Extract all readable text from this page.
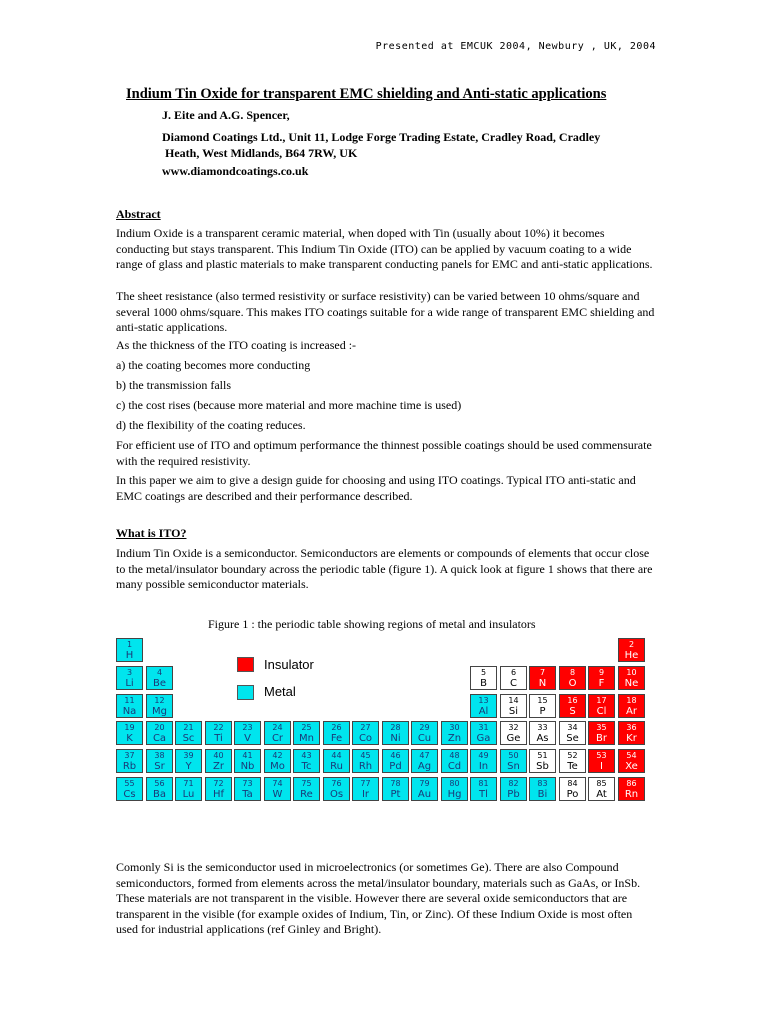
Presented at EMCUK 2004, Newbury , UK, 2004
Indium Tin Oxide for transparent EMC shielding and Anti-static applications
J. Eite and A.G. Spencer,
Diamond Coatings Ltd., Unit 11, Lodge Forge Trading Estate, Cradley Road, Cradley
Heath, West Midlands, B64 7RW, UK
www.diamondcoatings.co.uk
Abstract
Indium Oxide is a transparent ceramic material, when doped with Tin (usually about 10%) it becomes conducting but stays transparent. This Indium Tin Oxide (ITO) can be applied by vacuum coating to a wide range of glass and plastic materials to make transparent conducting panels for EMC and anti-static applications.
The sheet resistance (also termed resistivity or surface resistivity) can be varied between 10 ohms/square and several 1000 ohms/square. This makes ITO coatings suitable for a wide range of transparent EMC shielding and anti-static applications.
As the thickness of the ITO coating is increased :-
a) the coating becomes more conducting
b) the transmission falls
c) the cost rises (because more material and more machine time is used)
d) the flexibility of the coating reduces.
For efficient use of ITO and optimum performance the thinnest possible coatings should be used commensurate with the required resistivity.
In this paper we aim to give a design guide for choosing and using ITO coatings. Typical ITO anti-static and EMC coatings are described and their performance described.
What is ITO?
Indium Tin Oxide is a semiconductor. Semiconductors are elements or compounds of elements that occur close to the metal/insulator boundary across the periodic table (figure 1). A quick look at figure 1 shows that there are many possible semiconductor materials.
Figure 1 : the periodic table showing regions of metal and insulators
Insulator
Metal
1
H
2
He
3
Li
4
Be
5
B
6
C
7
N
8
O
9
F
10
Ne
11
Na
12
Mg
13
Al
14
Si
15
P
16
S
17
Cl
18
Ar
19
K
20
Ca
21
Sc
22
Ti
23
V
24
Cr
25
Mn
26
Fe
27
Co
28
Ni
29
Cu
30
Zn
31
Ga
32
Ge
33
As
34
Se
35
Br
36
Kr
37
Rb
38
Sr
39
Y
40
Zr
41
Nb
42
Mo
43
Tc
44
Ru
45
Rh
46
Pd
47
Ag
48
Cd
49
In
50
Sn
51
Sb
52
Te
53
I
54
Xe
55
Cs
56
Ba
71
Lu
72
Hf
73
Ta
74
W
75
Re
76
Os
77
Ir
78
Pt
79
Au
80
Hg
81
Tl
82
Pb
83
Bi
84
Po
85
At
86
Rn
Comonly Si is the semiconductor used in microelectronics (or sometimes Ge). There are also Compound semiconductors, formed from elements across the metal/insulator boundary, materials such as GaAs, or InSb. These materials are not transparent in the visible. However there are several oxide semiconductors that are transparent in the visible (for example oxides of Indium, Tin, or Zinc). Of these Indium Oxide is most often used for industrial applications (ref Ginley and Bright).
